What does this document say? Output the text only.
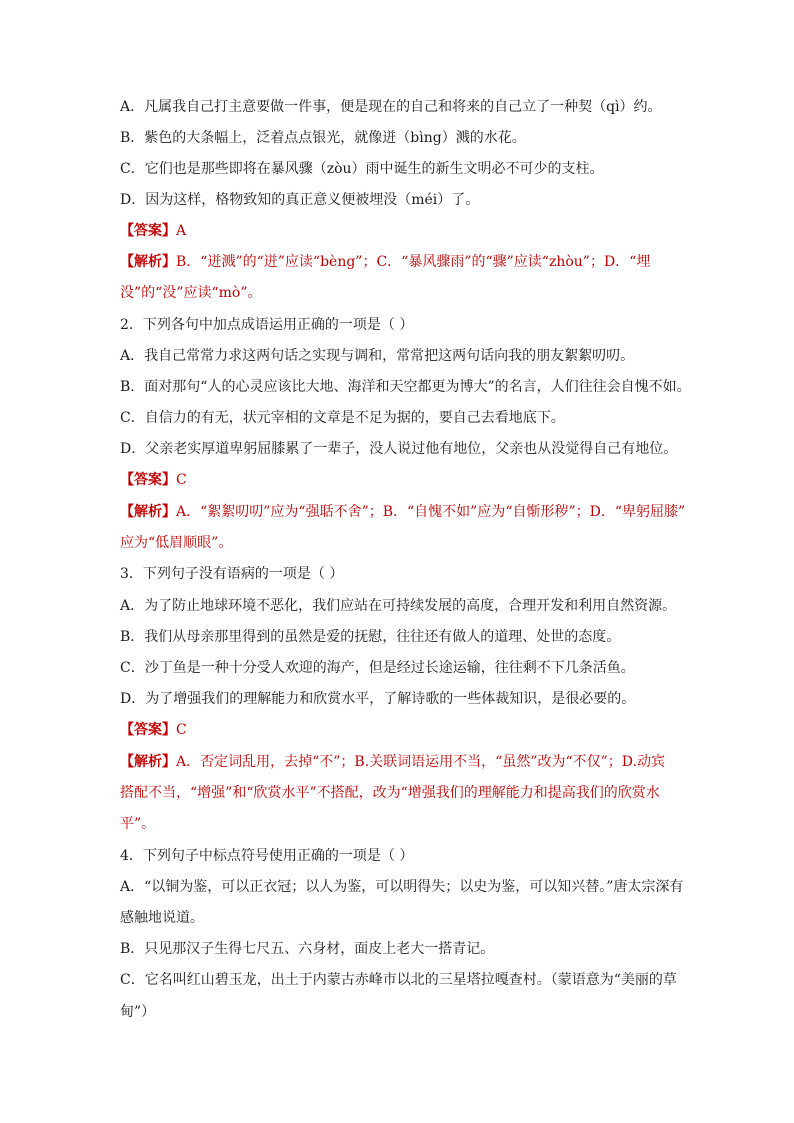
A．凡属我自己打主意要做一件事，便是现在的自己和将来的自己立了一种契（qì）约。
B．紫色的大条幅上，泛着点点银光，就像迸（bìng）溅的水花。
C．它们也是那些即将在暴风骤（zòu）雨中诞生的新生文明必不可少的支柱。
D．因为这样，格物致知的真正意义便被埋没（méi）了。
【答案】A
【解析】B．“迸溅”的“迸”应读“bèng”；C．“暴风骤雨”的“骤”应读“zhòu”；D．“埋
没”的“没”应读“mò”。
2．下列各句中加点成语运用正确的一项是（ ）
A．我自己常常力求这两句话之实现与调和，常常把这两句话向我的朋友絮絮叨叨。
B．面对那句“人的心灵应该比大地、海洋和天空都更为博大”的名言，人们往往会自愧不如。
C．自信力的有无，状元宰相的文章是不足为据的，要自己去看地底下。
D．父亲老实厚道卑躬屈膝累了一辈子，没人说过他有地位，父亲也从没觉得自己有地位。
【答案】C
【解析】A．“絮絮叨叨”应为“强聒不舍”；B．“自愧不如”应为“自惭形秽”；D．“卑躬屈膝”
应为“低眉顺眼”。
3．下列句子没有语病的一项是（ ）
A．为了防止地球环境不恶化，我们应站在可持续发展的高度，合理开发和利用自然资源。
B．我们从母亲那里得到的虽然是爱的抚慰，往往还有做人的道理、处世的态度。
C．沙丁鱼是一种十分受人欢迎的海产，但是经过长途运输，往往剩不下几条活鱼。
D．为了增强我们的理解能力和欣赏水平，了解诗歌的一些体裁知识，是很必要的。
【答案】C
【解析】A．否定词乱用，去掉“不”；B.关联词语运用不当，“虽然”改为“不仅”；D.动宾
搭配不当，“增强”和“欣赏水平”不搭配，改为“增强我们的理解能力和提高我们的欣赏水
平”。
4．下列句子中标点符号使用正确的一项是（ ）
A．“以铜为鉴，可以正衣冠；以人为鉴，可以明得失；以史为鉴，可以知兴替。”唐太宗深有
感触地说道。
B．只见那汉子生得七尺五、六身材，面皮上老大一搭青记。
C．它名叫红山碧玉龙，出土于内蒙古赤峰市以北的三星塔拉嘎查村。（蒙语意为“美丽的草
甸”）
